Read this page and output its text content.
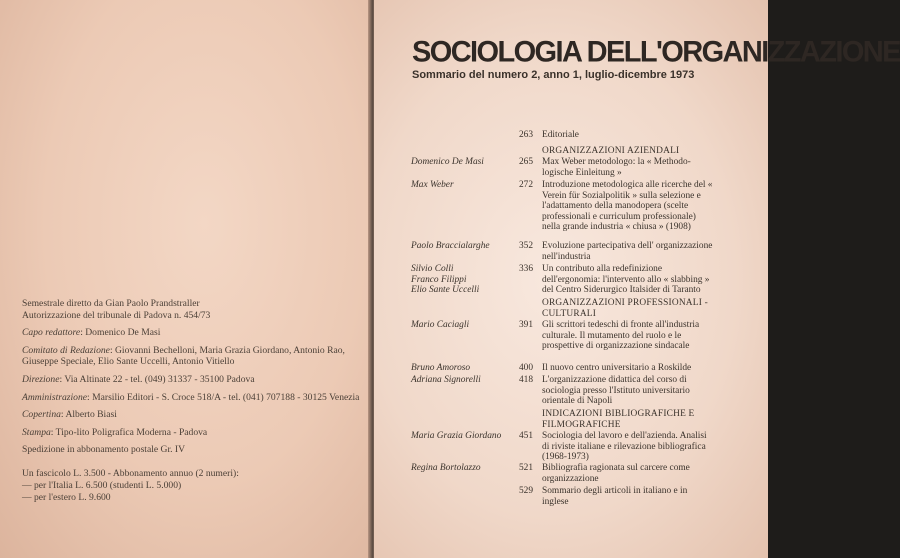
Semestrale diretto da Gian Paolo Prandstraller
Autorizzazione del tribunale di Padova n. 454/73

Capo redattore: Domenico De Masi

Comitato di Redazione: Giovanni Bechelloni, Maria Grazia Giordano, Antonio Rao, Giuseppe Speciale, Elio Sante Uccelli, Antonio Vitiello

Direzione: Via Altinate 22 - tel. (049) 31337 - 35100 Padova

Amministrazione: Marsilio Editori - S. Croce 518/A - tel. (041) 707188 - 30125 Venezia

Copertina: Alberto Biasi

Stampa: Tipo-lito Poligrafica Moderna - Padova

Spedizione in abbonamento postale Gr. IV

Un fascicolo L. 3.500 - Abbonamento annuo (2 numeri):

— per l'Italia L. 6.500 (studenti L. 5.000)

— per l'estero L. 9.600

SOCIOLOGIA DELL'ORGANIZZAZIONE
Sommario del numero 2, anno 1, luglio-dicembre 1973
263 Editoriale
ORGANIZZAZIONI AZIENDALI
Domenico De Masi	265 Max Weber metodologo: la « Methodo-logische Einleitung »
Max Weber	272 Introduzione metodologica alle ricerche del « Verein für Sozialpolitik » sulla selezione e l'adattamento della manodopera (scelte professionali e curriculum professionale) nella grande industria « chiusa » (1908)
Paolo Braccialarghe	352 Evoluzione partecipativa dell' organizzazione nell'industria
Silvio Colli
Franco Filippi
Elio Sante Uccelli
336 Un contributo alla redefinizione dell'ergonomia: l'intervento allo « slabbing » del Centro Siderurgico Italsider di Taranto
ORGANIZZAZIONI PROFESSIONALI - CULTURALI
Mario Caciagli	391 Gli scrittori tedeschi di fronte all'industria culturale. Il mutamento del ruolo e le prospettive di organizzazione sindacale
Bruno Amoroso	400 Il nuovo centro universitario a Roskilde
Adriana Signorelli	418 L'organizzazione didattica del corso di sociologia presso l'Istituto universitario orientale di Napoli
INDICAZIONI BIBLIOGRAFICHE E FILMOGRAFICHE
Maria Grazia Giordano	451 Sociologia del lavoro e dell'azienda. Analisi di riviste italiane e rilevazione bibliografica (1968-1973)
Regina Bortolazzo	521 Bibliografia ragionata sul carcere come organizzazione
529 Sommario degli articoli in italiano e in inglese
